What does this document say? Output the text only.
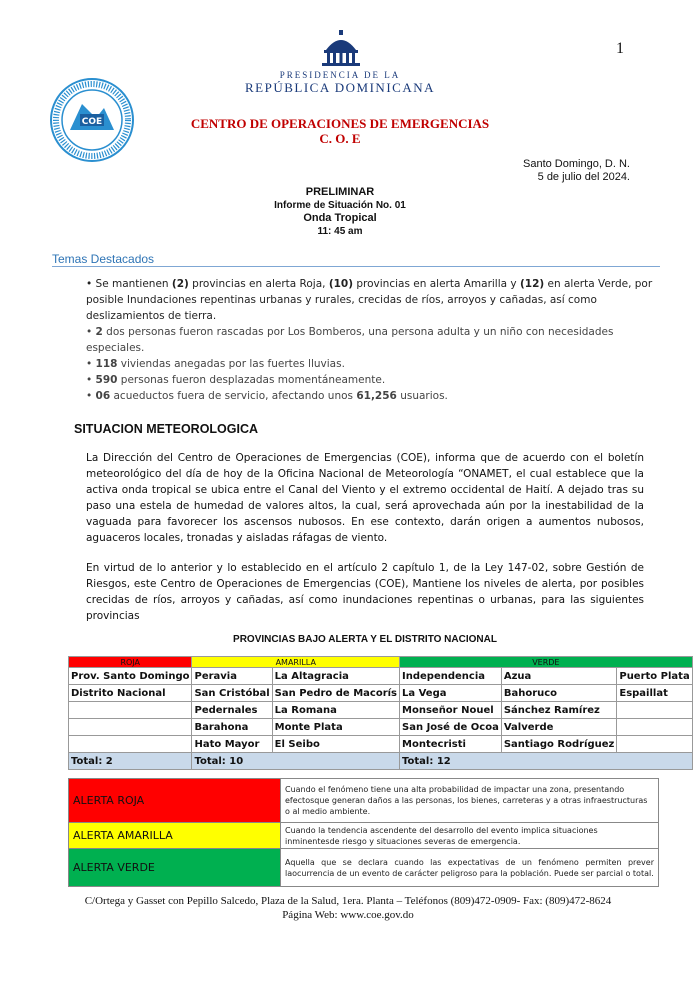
1
COE
PRESIDENCIA DE LA
REPÚBLICA DOMINICANA
CENTRO DE OPERACIONES DE EMERGENCIAS
C. O. E
Santo Domingo, D. N.
5 de julio del 2024.
PRELIMINAR
Informe de Situación No. 01
Onda Tropical
11: 45 am
Temas Destacados

• Se mantienen (2) provincias en alerta Roja, (10) provincias en alerta Amarilla y (12) en alerta Verde, por posible Inundaciones repentinas urbanas y rurales, crecidas de ríos, arroyos y cañadas, así como deslizamientos de tierra.

• 2 dos personas fueron rascadas por Los Bomberos, una persona adulta y un niño con necesidades especiales.

• 118 viviendas anegadas por las fuertes lluvias.

• 590 personas fueron desplazadas momentáneamente.

• 06 acueductos fuera de servicio, afectando unos 61,256 usuarios.

SITUACION METEOROLOGICA
La Dirección del Centro de Operaciones de Emergencias (COE), informa que de acuerdo con el boletín meteorológico del día de hoy de la Oficina Nacional de Meteorología “ONAMET, el cual establece que la activa onda tropical se ubica entre el Canal del Viento y el extremo occidental de Haití. A dejado tras su paso una estela de humedad de valores altos, la cual, será aprovechada aún por la inestabilidad de la vaguada para favorecer los ascensos nubosos. En ese contexto, darán origen a aumentos nubosos, aguaceros locales, tronadas y aisladas ráfagas de viento.
En virtud de lo anterior y lo establecido en el artículo 2 capítulo 1, de la Ley 147-02, sobre Gestión de Riesgos, este Centro de Operaciones de Emergencias (COE), Mantiene los niveles de alerta, por posibles crecidas de ríos, arroyos y cañadas, así como inundaciones repentinas o urbanas, para las siguientes provincias
PROVINCIAS BAJO ALERTA Y EL DISTRITO NACIONAL
ROJA	AMARILLA		VERDE		
Prov. Santo Domingo	Peravia	La Altagracia	Independencia	Azua	Puerto Plata
Distrito Nacional	San Cristóbal	San Pedro de Macorís	La Vega	Bahoruco	Espaillat
	Pedernales	La Romana	Monseñor Nouel	Sánchez Ramírez	
	Barahona	Monte Plata	San José de Ocoa	Valverde	
	Hato Mayor	El Seibo	Montecristi	Santiago Rodríguez	
Total: 2	Total: 10		Total: 12		
ALERTA ROJA	Cuando el fenómeno tiene una alta probabilidad de impactar una zona, presentando efectosque generan daños a las personas, los bienes, carreteras y a otras infraestructuras o al medio ambiente.
ALERTA AMARILLA	Cuando la tendencia ascendente del desarrollo del evento implica situaciones inminentesde riesgo y situaciones severas de emergencia.
ALERTA VERDE	Aquella que se declara cuando las expectativas de un fenómeno permiten prever laocurrencia de un evento de carácter peligroso para la población. Puede ser parcial o total.
C/Ortega y Gasset con Pepillo Salcedo, Plaza de la Salud, 1era. Planta – Teléfonos (809)472-0909- Fax: (809)472-8624
Página Web: www.coe.gov.do
